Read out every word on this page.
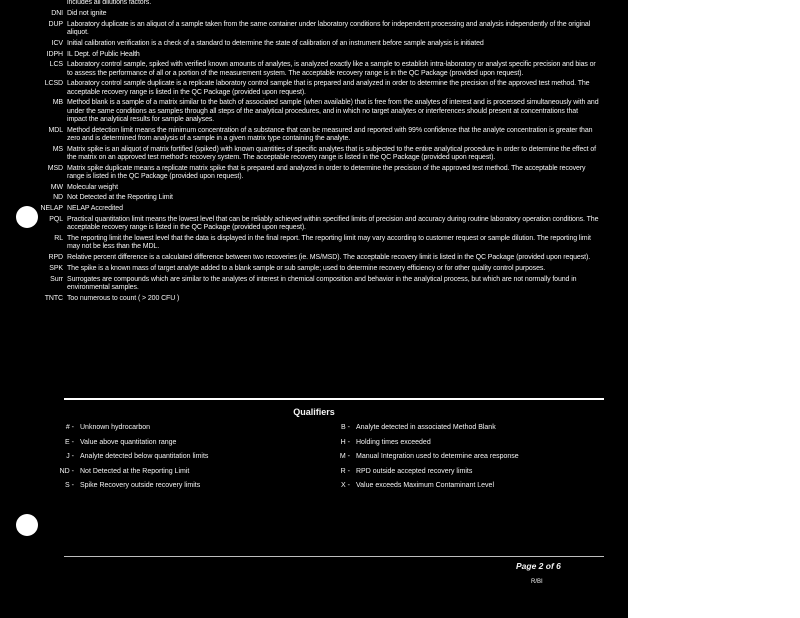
includes all dilutions factors.
DNI Did not ignite
DUP Laboratory duplicate is an aliquot of a sample taken from the same container under laboratory conditions for independent processing and analysis independently of the original aliquot.
ICV Initial calibration verification is a check of a standard to determine the state of calibration of an instrument before sample analysis is initiated
IDPH IL Dept. of Public Health
LCS Laboratory control sample, spiked with verified known amounts of analytes, is analyzed exactly like a sample to establish intra-laboratory or analyst specific precision and bias or to assess the performance of all or a portion of the measurement system. The acceptable recovery range is in the QC Package (provided upon request).
LCSD Laboratory control sample duplicate is a replicate laboratory control sample that is prepared and analyzed in order to determine the precision of the approved test method. The acceptable recovery range is listed in the QC Package (provided upon request).
MB Method blank is a sample of a matrix similar to the batch of associated sample (when available) that is free from the analytes of interest and is processed simultaneously with and under the same conditions as samples through all steps of the analytical procedures, and in which no target analytes or interferences should present at concentrations that impact the analytical results for sample analyses.
MDL Method detection limit means the minimum concentration of a substance that can be measured and reported with 99% confidence that the analyte concentration is greater than zero and is determined from analysis of a sample in a given matrix type containing the analyte.
MS Matrix spike is an aliquot of matrix fortified (spiked) with known quantities of specific analytes that is subjected to the entire analytical procedure in order to determine the effect of the matrix on an approved test method's recovery system. The acceptable recovery range is listed in the QC Package (provided upon request).
MSD Matrix spike duplicate means a replicate matrix spike that is prepared and analyzed in order to determine the precision of the approved test method. The acceptable recovery range is listed in the QC Package (provided upon request).
MW Molecular weight
ND Not Detected at the Reporting Limit
NELAP NELAP Accredited
PQL Practical quantitation limit means the lowest level that can be reliably achieved within specified limits of precision and accuracy during routine laboratory operation conditions. The acceptable recovery range is listed in the QC Package (provided upon request).
RL The reporting limit the lowest level that the data is displayed in the final report. The reporting limit may vary according to customer request or sample dilution. The reporting limit may not be less than the MDL.
RPD Relative percent difference is a calculated difference between two recoveries (ie. MS/MSD). The acceptable recovery limit is listed in the QC Package (provided upon request).
SPK The spike is a known mass of target analyte added to a blank sample or sub sample; used to determine recovery efficiency or for other quality control purposes.
Surr Surrogates are compounds which are similar to the analytes of interest in chemical composition and behavior in the analytical process, but which are not normally found in environmental samples.
TNTC Too numerous to count ( > 200 CFU )
Qualifiers
# - Unknown hydrocarbon
E - Value above quantitation range
J - Analyte detected below quantitation limits
ND - Not Detected at the Reporting Limit
S - Spike Recovery outside recovery limits
B - Analyte detected in associated Method Blank
H - Holding times exceeded
M - Manual Integration used to determine area response
R - RPD outside accepted recovery limits
X - Value exceeds Maximum Contaminant Level
Page 2 of 6
R/BI
